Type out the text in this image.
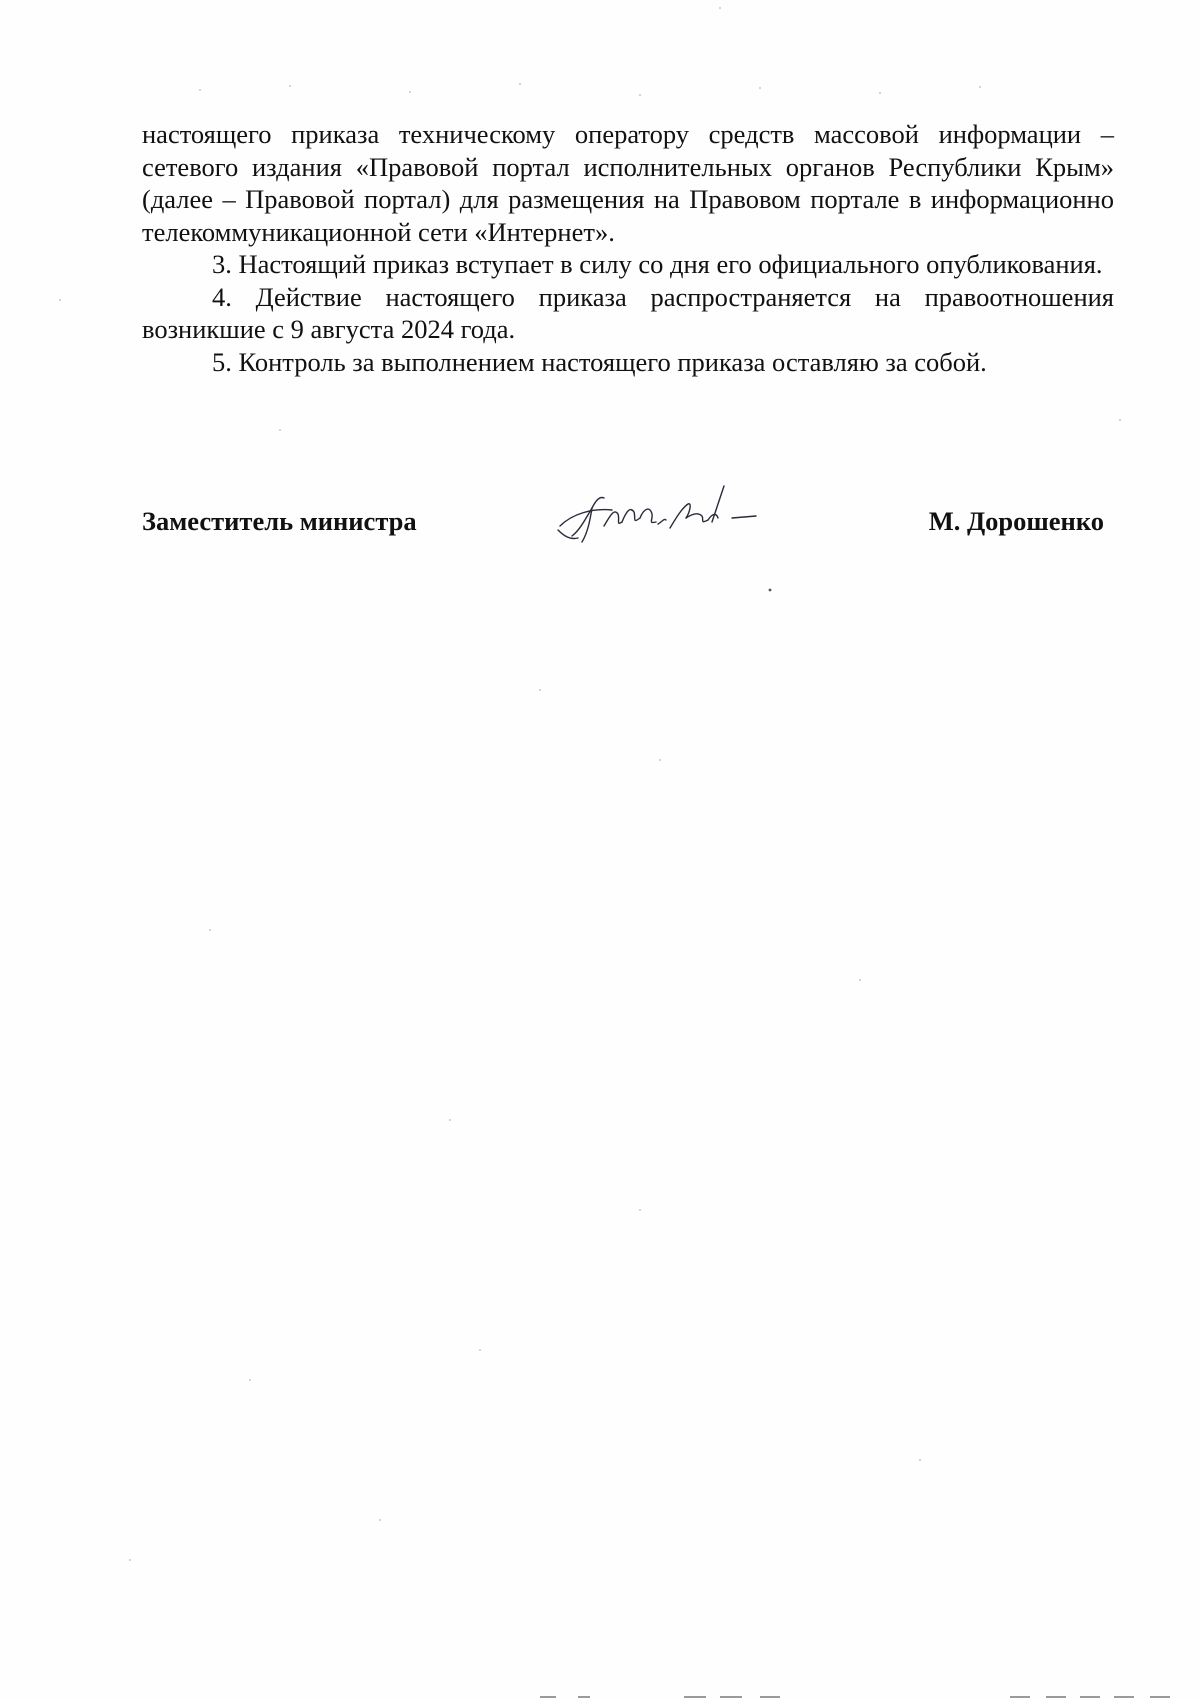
настоящего приказа техническому оператору средств массовой информации – сетевого издания «Правовой портал исполнительных органов Республики Крым» (далее – Правовой портал) для размещения на Правовом портале в информационно телекоммуникационной сети «Интернет».

3. Настоящий приказ вступает в силу со дня его официального опубликования.

4. Действие настоящего приказа распространяется на правоотношения возникшие с 9 августа 2024 года.

5. Контроль за выполнением настоящего приказа оставляю за собой.

Заместитель министра	М. Дорошенко
